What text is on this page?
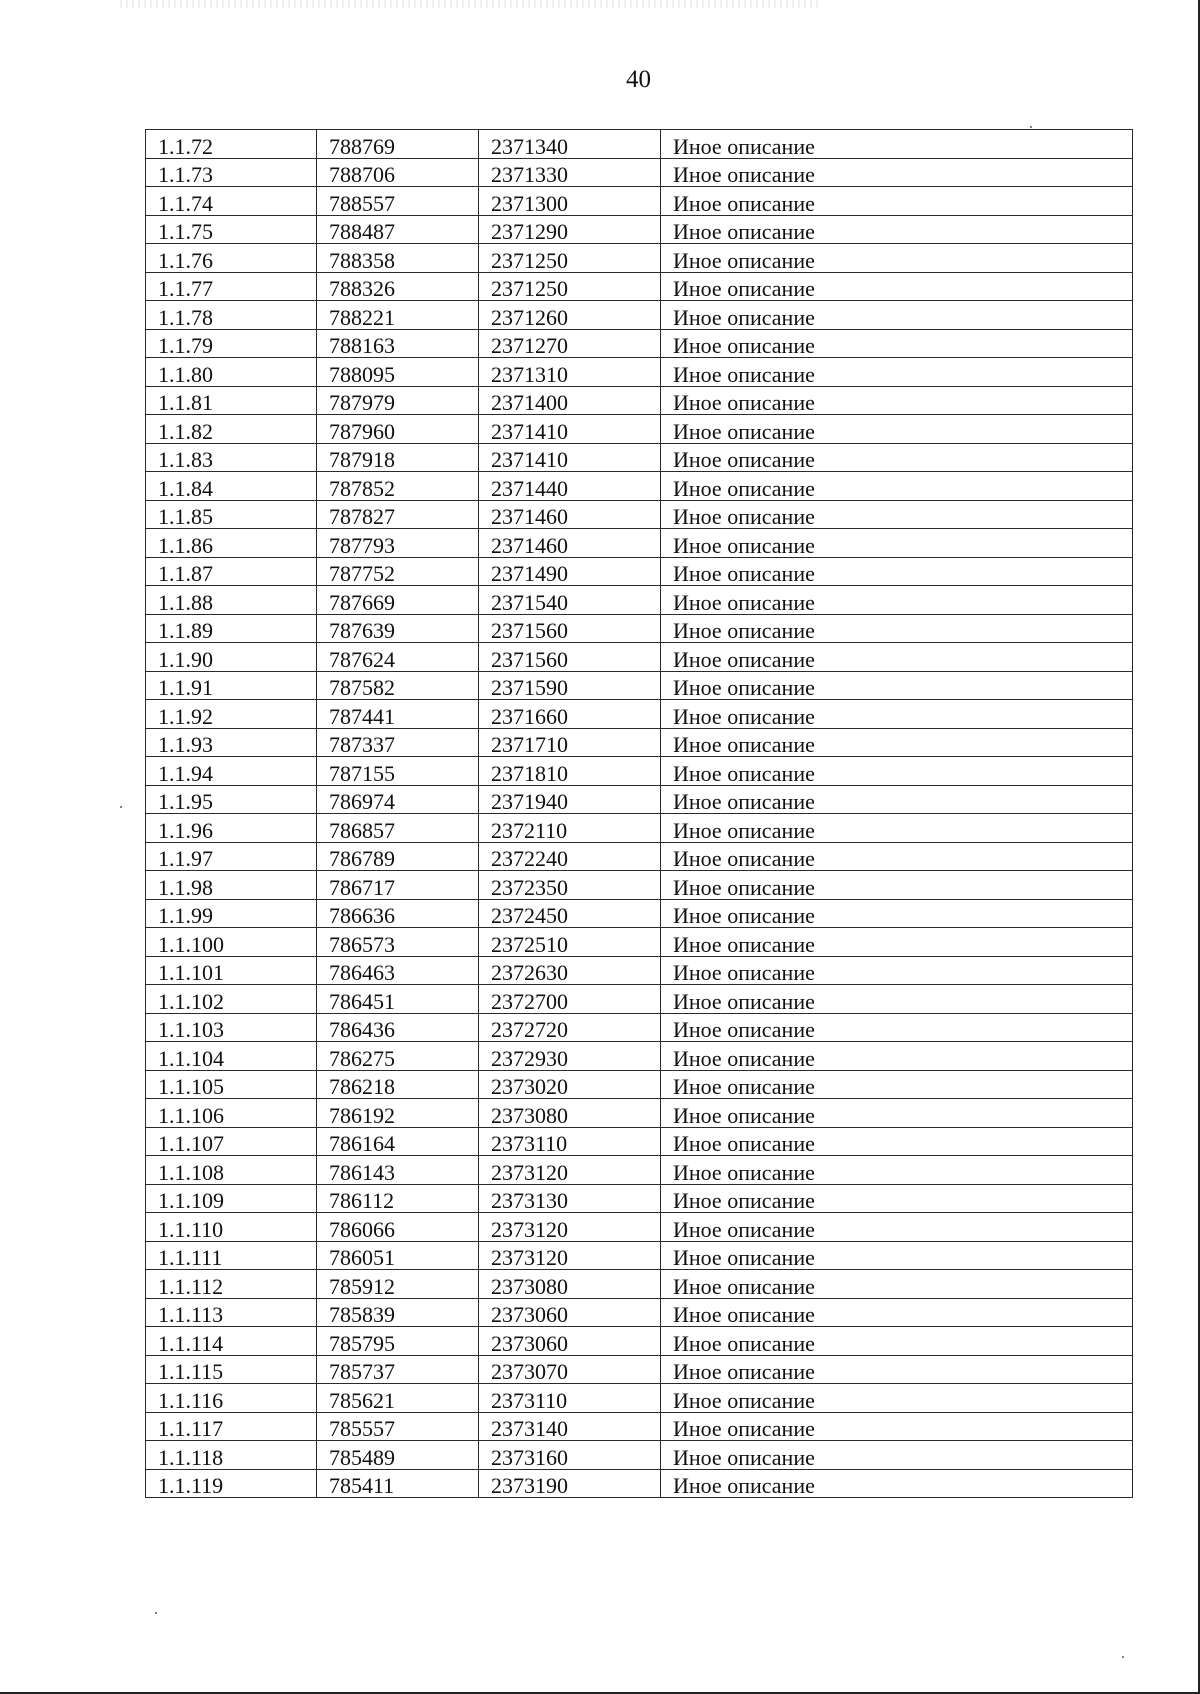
40
1.1.72	788769	2371340	Иное описание
1.1.73	788706	2371330	Иное описание
1.1.74	788557	2371300	Иное описание
1.1.75	788487	2371290	Иное описание
1.1.76	788358	2371250	Иное описание
1.1.77	788326	2371250	Иное описание
1.1.78	788221	2371260	Иное описание
1.1.79	788163	2371270	Иное описание
1.1.80	788095	2371310	Иное описание
1.1.81	787979	2371400	Иное описание
1.1.82	787960	2371410	Иное описание
1.1.83	787918	2371410	Иное описание
1.1.84	787852	2371440	Иное описание
1.1.85	787827	2371460	Иное описание
1.1.86	787793	2371460	Иное описание
1.1.87	787752	2371490	Иное описание
1.1.88	787669	2371540	Иное описание
1.1.89	787639	2371560	Иное описание
1.1.90	787624	2371560	Иное описание
1.1.91	787582	2371590	Иное описание
1.1.92	787441	2371660	Иное описание
1.1.93	787337	2371710	Иное описание
1.1.94	787155	2371810	Иное описание
1.1.95	786974	2371940	Иное описание
1.1.96	786857	2372110	Иное описание
1.1.97	786789	2372240	Иное описание
1.1.98	786717	2372350	Иное описание
1.1.99	786636	2372450	Иное описание
1.1.100	786573	2372510	Иное описание
1.1.101	786463	2372630	Иное описание
1.1.102	786451	2372700	Иное описание
1.1.103	786436	2372720	Иное описание
1.1.104	786275	2372930	Иное описание
1.1.105	786218	2373020	Иное описание
1.1.106	786192	2373080	Иное описание
1.1.107	786164	2373110	Иное описание
1.1.108	786143	2373120	Иное описание
1.1.109	786112	2373130	Иное описание
1.1.110	786066	2373120	Иное описание
1.1.111	786051	2373120	Иное описание
1.1.112	785912	2373080	Иное описание
1.1.113	785839	2373060	Иное описание
1.1.114	785795	2373060	Иное описание
1.1.115	785737	2373070	Иное описание
1.1.116	785621	2373110	Иное описание
1.1.117	785557	2373140	Иное описание
1.1.118	785489	2373160	Иное описание
1.1.119	785411	2373190	Иное описание
